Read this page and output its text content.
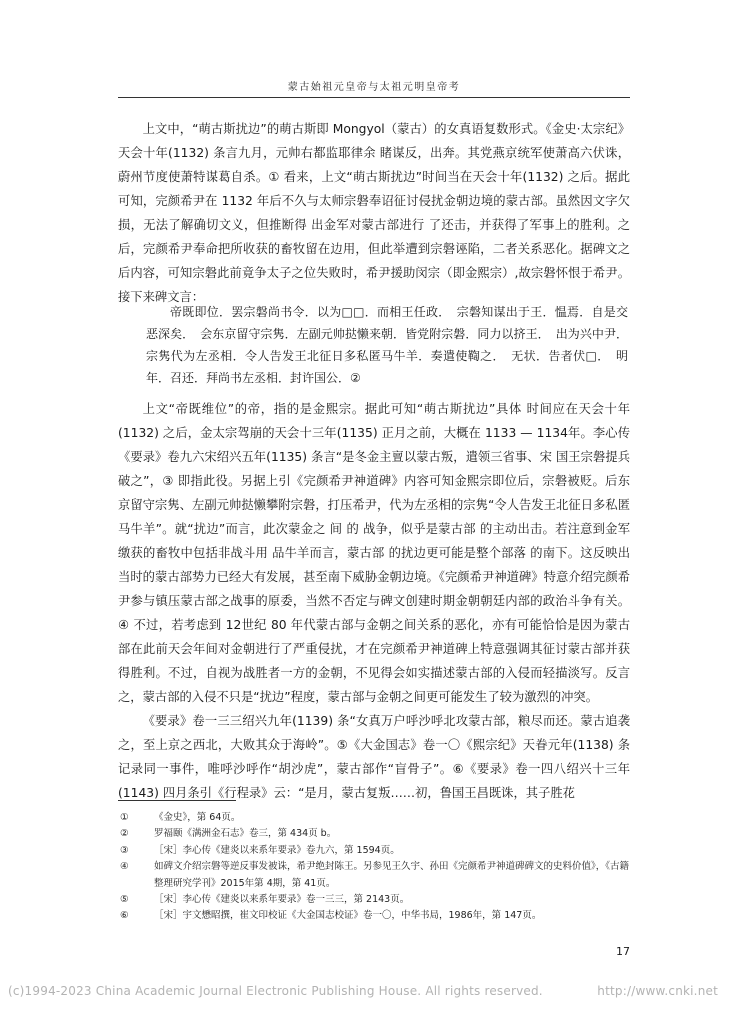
蒙古始祖元皇帝与太祖元明皇帝考

上文中，“萌古斯扰边”的萌古斯即 Mongyol（蒙古）的女真语复数形式。《金史·太宗纪》天会十年(1132) 条言九月，元帅右都监耶律余 睹谋反，出奔。其党燕京统军使萧高六伏诛，蔚州节度使萧特谋葛自杀。① 看来，上文“萌古斯扰边”时间当在天会十年(1132) 之后。据此可知，完颜希尹在 1132 年后不久与太师宗磐奉诏征讨侵扰金朝边境的蒙古部。虽然因文字欠损，无法了解确切文义，但推断得 出金军对蒙古部进行 了还击，并获得了军事上的胜利。之后，完颜希尹奉命把所收获的畜牧留在边用，但此举遭到宗磐诬陷，二者关系恶化。据碑文之后内容，可知宗磐此前竟争太子之位失败时，希尹援助闵宗（即金熙宗）,故宗磐怀恨于希尹。接下来碑文言：

帝既即位．罢宗磐尚书令．以为□□．而相王任政．　宗磐知谋出于王．愠焉．自是交恶深矣．　会东京留守宗隽．左副元帅挞懒来朝．皆党附宗磐．同力以挤王．　出为兴中尹．宗隽代为左丞相．令人告发王北征日多私匿马牛羊．奏遣使鞫之．　无状．告者伏□．　明年．召还．拜尚书左丞相．封许国公．②

上文“帝既维位”的帝，指的是金熙宗。据此可知“萌古斯扰边”具体 时间应在天会十年(1132) 之后，金太宗驾崩的天会十三年(1135) 正月之前，大概在 1133 — 1134年。李心传《要录》卷九六宋绍兴五年(1135) 条言“是冬金主亶以蒙古叛，遣领三省事、宋 国王宗磐提兵破之”，③ 即指此役。另据上引《完颜希尹神道碑》内容可知金熙宗即位后，宗磐被贬。后东京留守宗隽、左副元帅挞懒攀附宗磐，打压希尹，代为左丞相的宗隽“令人告发王北征日多私匿马牛羊”。就“扰边”而言，此次蒙金之 间 的 战争，似乎是蒙古部 的主动出击。若注意到金军缴获的畜牧中包括非战斗用 品牛羊而言，蒙古部 的扰边更可能是整个部落 的南下。这反映出当时的蒙古部势力已经大有发展，甚至南下威胁金朝边境。《完颜希尹神道碑》特意介绍完颜希尹参与镇压蒙古部之战事的原委，当然不否定与碑文创建时期金朝朝廷内部的政治斗争有关。④ 不过，若考虑到 12世纪 80 年代蒙古部与金朝之间关系的恶化，亦有可能恰恰是因为蒙古部在此前天会年间对金朝进行了严重侵扰，才在完颜希尹神道碑上特意强调其征讨蒙古部并获得胜利。不过，自视为战胜者一方的金朝，不见得会如实描述蒙古部的入侵而轻描淡写。反言之，蒙古部的入侵不只是“扰边”程度，蒙古部与金朝之间更可能发生了较为激烈的冲突。

《要录》卷一三三绍兴九年(1139) 条“女真万户呼沙呼北攻蒙古部，粮尽而还。蒙古追袭之，至上京之西北，大败其众于海岭”。⑤《大金国志》卷一〇《熙宗纪》天眷元年(1138) 条记录同一事件，唯呼沙呼作“胡沙虎”，蒙古部作“盲骨子”。⑥《要录》卷一四八绍兴十三年(1143) 四月条引《行程录》云：“是月，蒙古复叛……初，鲁国王昌既诛，其子胜花

①	《金史》，第 64页。
②	罗福颐《满洲金石志》卷三，第 434页 b。
③	［宋］李心传《建炎以来系年要录》卷九六，第 1594页。
④	如碑文介绍宗磐等逆反事发被诛，希尹绝封陈王。另参见王久宇、孙田《完颜希尹神道碑碑文的史料价值》，《古籍整理研究学刊》2015年第 4期，第 41页。
⑤	［宋］李心传《建炎以来系年要录》卷一三三，第 2143页。
⑥	［宋］宇文懋昭撰，崔文印校证《大金国志校证》卷一〇，中华书局，1986年，第 147页。
17
(c)1994-2023 China Academic Journal Electronic Publishing House. All rights reserved.	http://www.cnki.net
